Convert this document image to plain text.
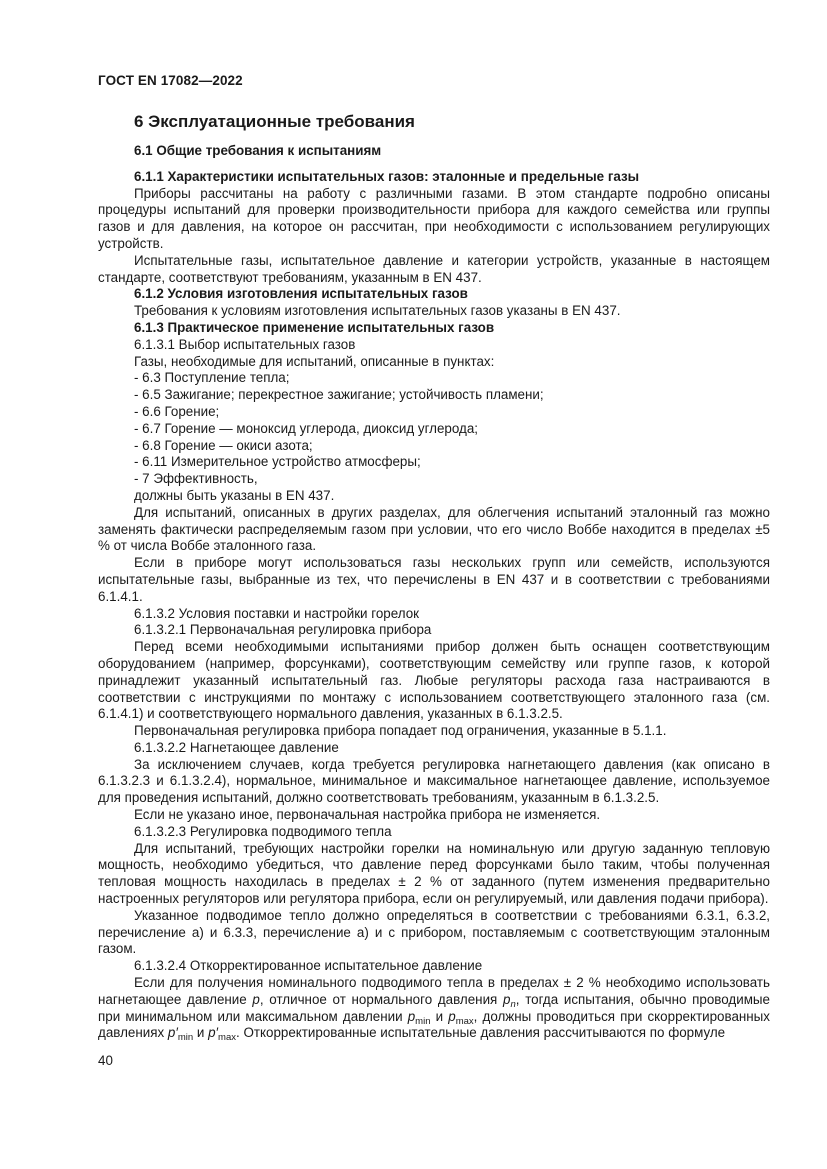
ГОСТ EN 17082—2022
6 Эксплуатационные требования
6.1 Общие требования к испытаниям

6.1.1 Характеристики испытательных газов: эталонные и предельные газы

Приборы рассчитаны на работу с различными газами. В этом стандарте подробно описаны процедуры испытаний для проверки производительности прибора для каждого семейства или группы газов и для давления, на которое он рассчитан, при необходимости с использованием регулирующих устройств.

Испытательные газы, испытательное давление и категории устройств, указанные в настоящем стандарте, соответствуют требованиям, указанным в EN 437.

6.1.2 Условия изготовления испытательных газов

Требования к условиям изготовления испытательных газов указаны в EN 437.

6.1.3 Практическое применение испытательных газов

6.1.3.1 Выбор испытательных газов

Газы, необходимые для испытаний, описанные в пунктах:

- 6.3 Поступление тепла;

- 6.5 Зажигание; перекрестное зажигание; устойчивость пламени;

- 6.6 Горение;

- 6.7 Горение — моноксид углерода, диоксид углерода;

- 6.8 Горение — окиси азота;

- 6.11 Измерительное устройство атмосферы;

- 7 Эффективность,

должны быть указаны в EN 437.

Для испытаний, описанных в других разделах, для облегчения испытаний эталонный газ можно заменять фактически распределяемым газом при условии, что его число Воббе находится в пределах ±5 % от числа Воббе эталонного газа.

Если в приборе могут использоваться газы нескольких групп или семейств, используются испытательные газы, выбранные из тех, что перечислены в EN 437 и в соответствии с требованиями 6.1.4.1.

6.1.3.2 Условия поставки и настройки горелок

6.1.3.2.1 Первоначальная регулировка прибора

Перед всеми необходимыми испытаниями прибор должен быть оснащен соответствующим оборудованием (например, форсунками), соответствующим семейству или группе газов, к которой принадлежит указанный испытательный газ. Любые регуляторы расхода газа настраиваются в соответствии с инструкциями по монтажу с использованием соответствующего эталонного газа (см. 6.1.4.1) и соответствующего нормального давления, указанных в 6.1.3.2.5.

Первоначальная регулировка прибора попадает под ограничения, указанные в 5.1.1.

6.1.3.2.2 Нагнетающее давление

За исключением случаев, когда требуется регулировка нагнетающего давления (как описано в 6.1.3.2.3 и 6.1.3.2.4), нормальное, минимальное и максимальное нагнетающее давление, используемое для проведения испытаний, должно соответствовать требованиям, указанным в 6.1.3.2.5.

Если не указано иное, первоначальная настройка прибора не изменяется.

6.1.3.2.3 Регулировка подводимого тепла

Для испытаний, требующих настройки горелки на номинальную или другую заданную тепловую мощность, необходимо убедиться, что давление перед форсунками было таким, чтобы полученная тепловая мощность находилась в пределах ± 2 % от заданного (путем изменения предварительно настроенных регуляторов или регулятора прибора, если он регулируемый, или давления подачи прибора).

Указанное подводимое тепло должно определяться в соответствии с требованиями 6.3.1, 6.3.2, перечисление а) и 6.3.3, перечисление а) и с прибором, поставляемым с соответствующим эталонным газом.

6.1.3.2.4 Откорректированное испытательное давление

Если для получения номинального подводимого тепла в пределах ± 2 % необходимо использовать нагнетающее давление p, отличное от нормального давления $p_n$, тогда испытания, обычно проводимые при минимальном или максимальном давлении $p_{min}$ и $p_{max}$, должны проводиться при скорректированных давлениях $p'_{min}$ и $p'_{max}$. Откорректированные испытательные давления рассчитываются по формуле

40
